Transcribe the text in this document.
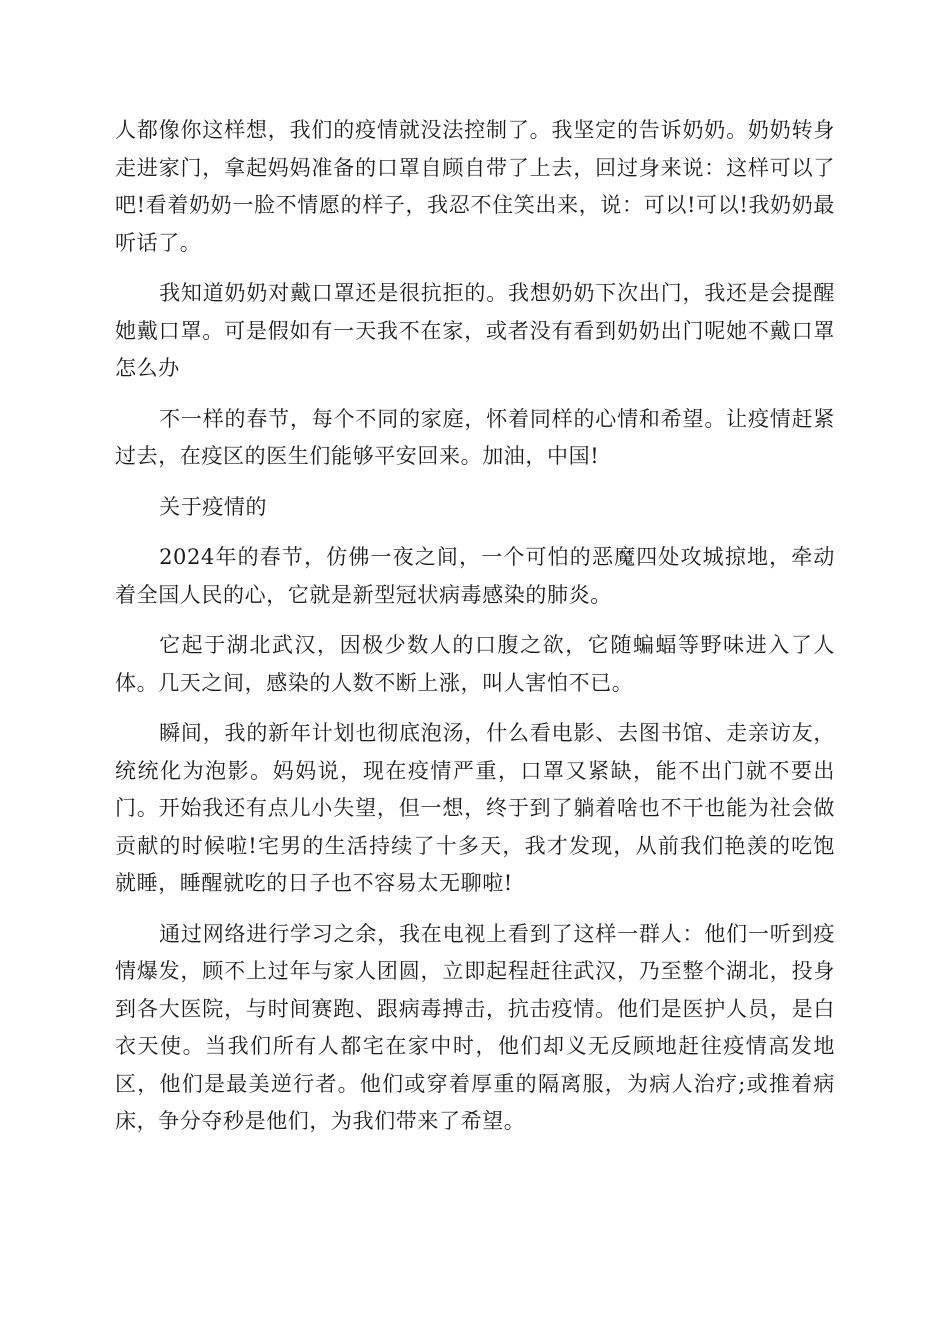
人都像你这样想，我们的疫情就没法控制了。我坚定的告诉奶奶。奶奶转身走进家门，拿起妈妈准备的口罩自顾自带了上去，回过身来说：这样可以了吧!看着奶奶一脸不情愿的样子，我忍不住笑出来，说：可以!可以!我奶奶最听话了。

我知道奶奶对戴口罩还是很抗拒的。我想奶奶下次出门，我还是会提醒她戴口罩。可是假如有一天我不在家，或者没有看到奶奶出门呢她不戴口罩怎么办

不一样的春节，每个不同的家庭，怀着同样的心情和希望。让疫情赶紧过去，在疫区的医生们能够平安回来。加油，中国!

关于疫情的

2024年的春节，仿佛一夜之间，一个可怕的恶魔四处攻城掠地，牵动着全国人民的心，它就是新型冠状病毒感染的肺炎。

它起于湖北武汉，因极少数人的口腹之欲，它随蝙蝠等野味进入了人体。几天之间，感染的人数不断上涨，叫人害怕不已。

瞬间，我的新年计划也彻底泡汤，什么看电影、去图书馆、走亲访友，统统化为泡影。妈妈说，现在疫情严重，口罩又紧缺，能不出门就不要出门。开始我还有点儿小失望，但一想，终于到了躺着啥也不干也能为社会做贡献的时候啦!宅男的生活持续了十多天，我才发现，从前我们艳羡的吃饱就睡，睡醒就吃的日子也不容易太无聊啦!

通过网络进行学习之余，我在电视上看到了这样一群人：他们一听到疫情爆发，顾不上过年与家人团圆，立即起程赶往武汉，乃至整个湖北，投身到各大医院，与时间赛跑、跟病毒搏击，抗击疫情。他们是医护人员，是白衣天使。当我们所有人都宅在家中时，他们却义无反顾地赶往疫情高发地区，他们是最美逆行者。他们或穿着厚重的隔离服，为病人治疗;或推着病床，争分夺秒是他们，为我们带来了希望。
